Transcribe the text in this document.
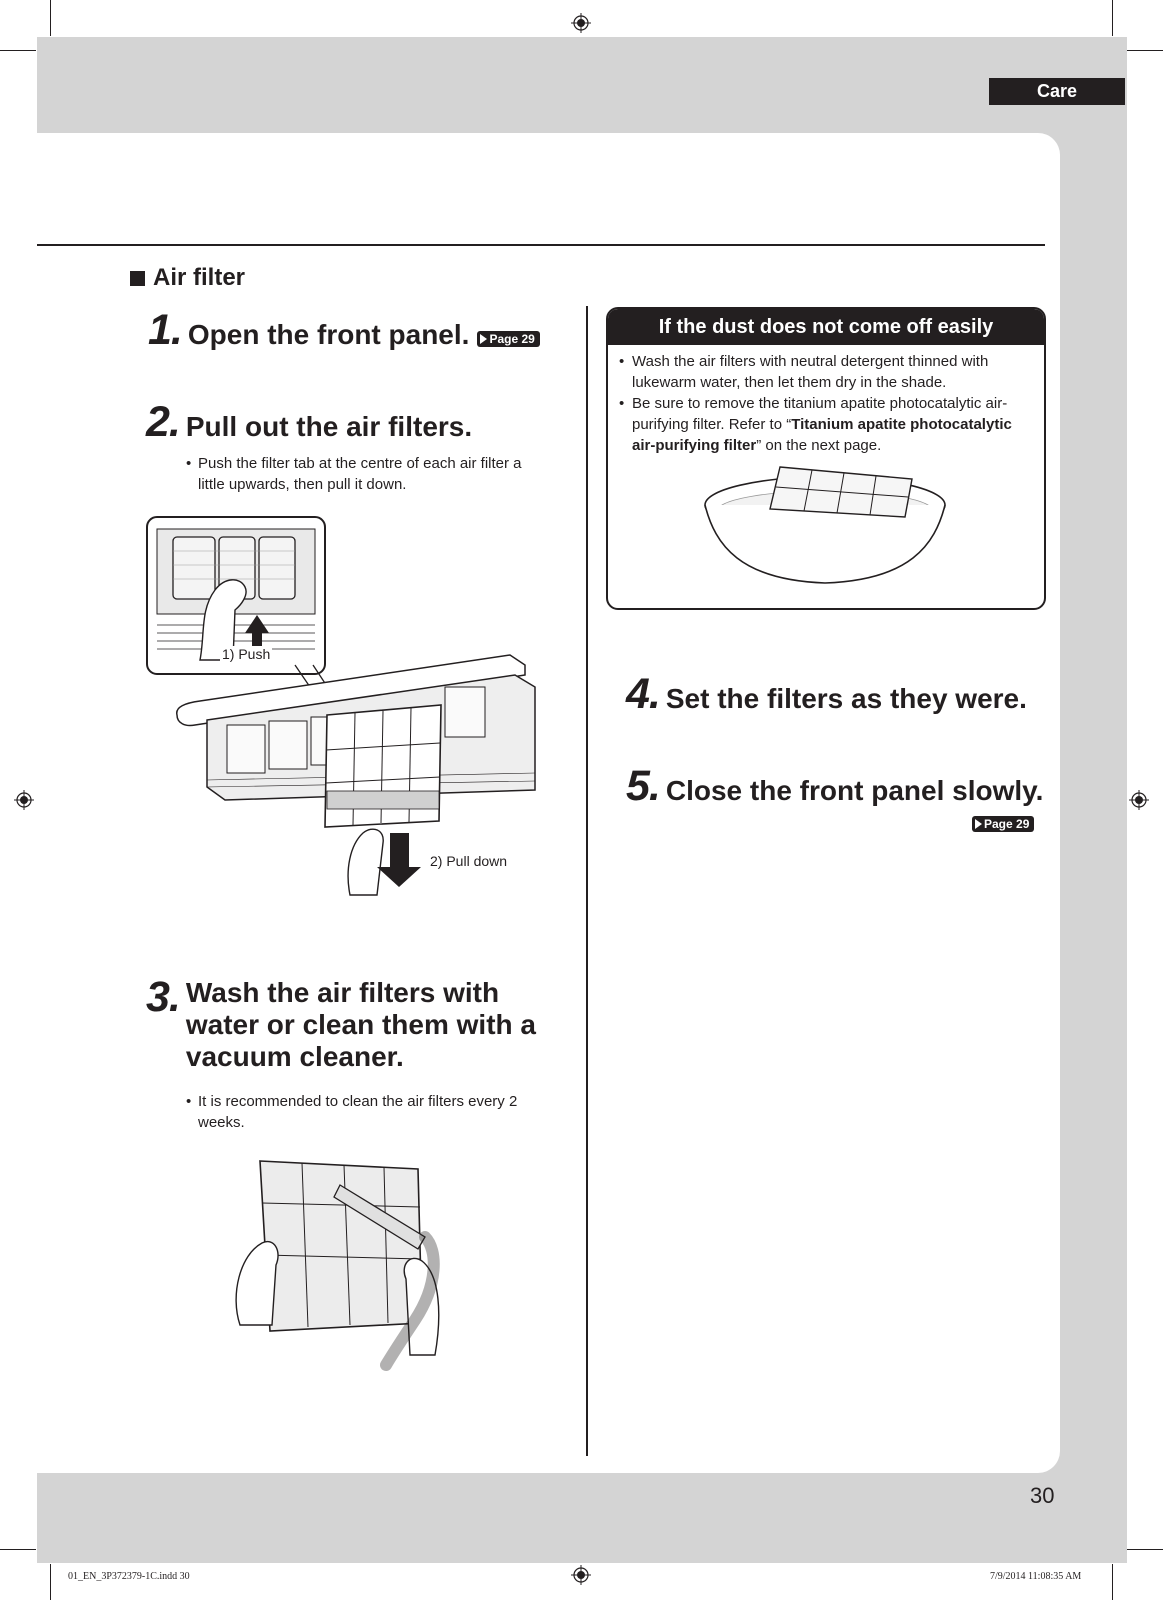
Care
Air filter
1. Open the front panel. Page 29
2. Pull out the air filters.
• Push the filter tab at the centre of each air filter a little upwards, then pull it down.
1) Push
2) Pull down
3. Wash the air filters with
water or clean them with a
vacuum cleaner.
• It is recommended to clean the air filters every 2 weeks.
If the dust does not come off easily
• Wash the air filters with neutral detergent thinned with lukewarm water, then let them dry in the shade.
• Be sure to remove the titanium apatite photocatalytic air-purifying filter. Refer to “Titanium apatite photocatalytic air-purifying filter” on the next page.
4. Set the filters as they were.
5. Close the front panel slowly.
Page 29
30
01_EN_3P372379-1C.indd 30	7/9/2014 11:08:35 AM
